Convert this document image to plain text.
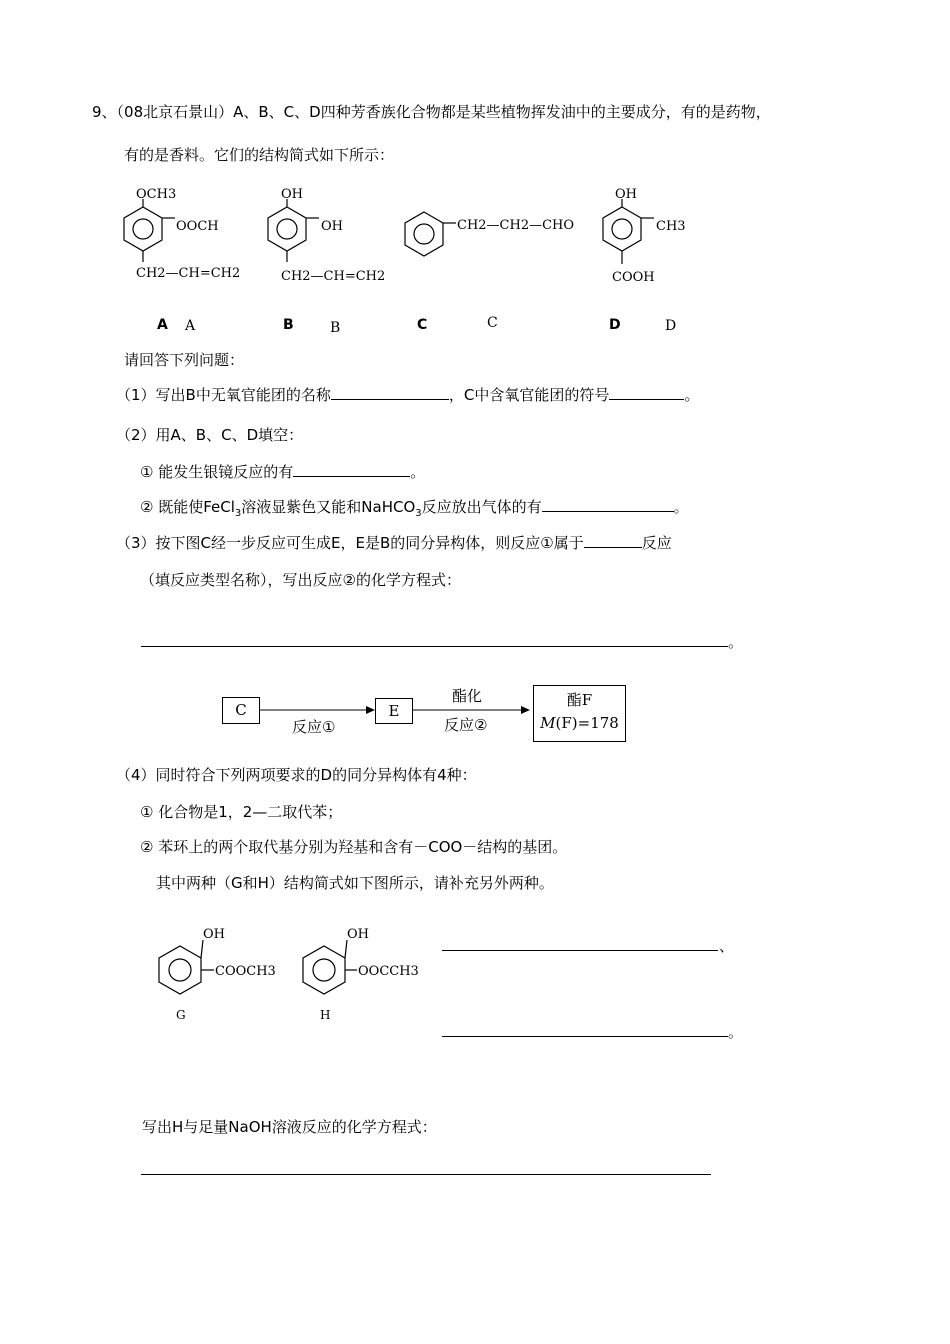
9、（08北京石景山）A、B、C、D四种芳香族化合物都是某些植物挥发油中的主要成分，有的是药物，
有的是香料。它们的结构简式如下所示：
OCH3
OOCH
CH2—CH=CH2
OH
OH
CH2—CH=CH2
CH2—CH2—CHO
OH
CH3
COOH
OH
COOCH3
G
OH
OOCCH3
H
A A	B	B	C	C	D	D
请回答下列问题：
（1）写出B中无氧官能团的名称	，C中含氧官能团的符号	。
（2）用A、B、C、D填空：
① 能发生银镜反应的有	。
② 既能使FeCl$_3$溶液显紫色又能和NaHCO$_3$反应放出气体的有	。
（3）按下图C经一步反应可生成E，E是B的同分异构体，则反应①属于	反应
（填反应类型名称），写出反应②的化学方程式：
。
C
反应①
E
酯化
反应②
酯F
M(F)=178
（4）同时符合下列两项要求的D的同分异构体有4种：
① 化合物是1，2—二取代苯；
② 苯环上的两个取代基分别为羟基和含有－COO－结构的基团。
其中两种（G和H）结构简式如下图所示，请补充另外两种。
、
。
写出H与足量NaOH溶液反应的化学方程式：
